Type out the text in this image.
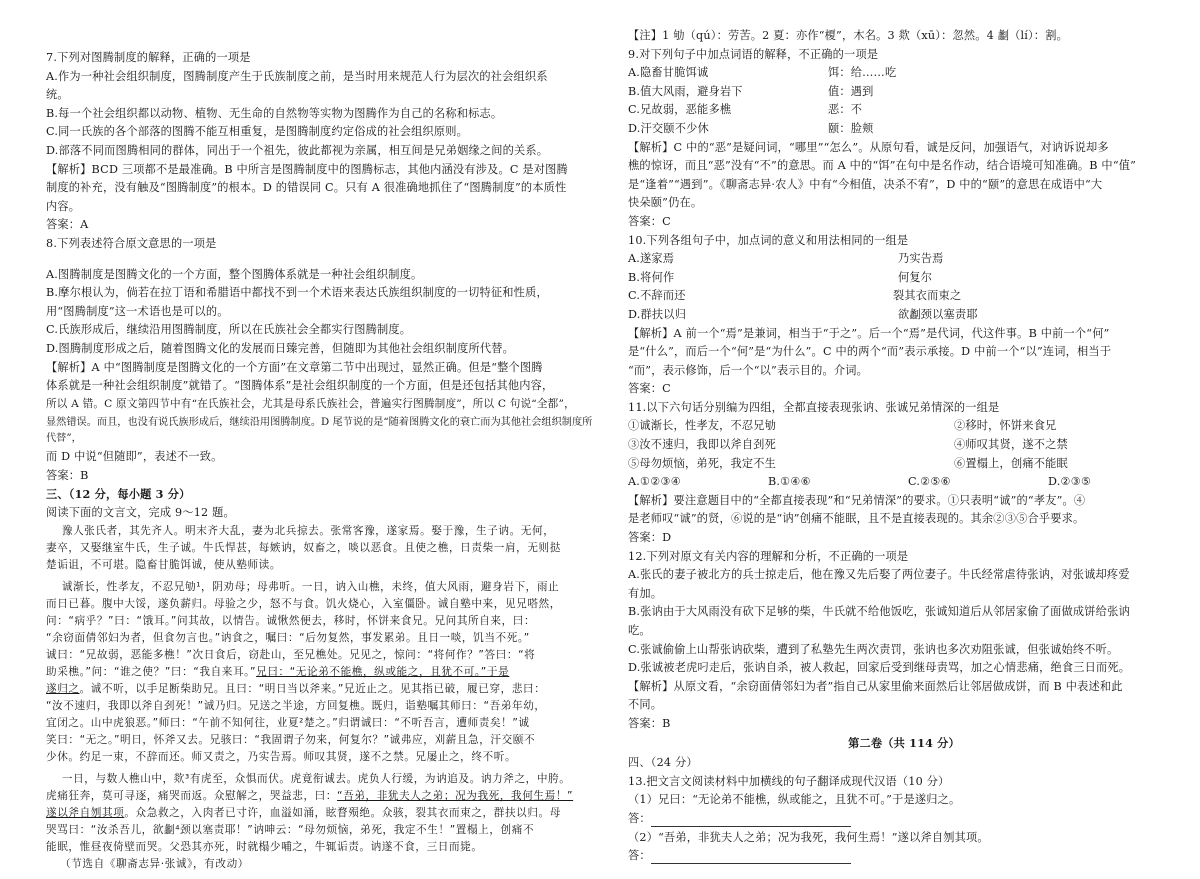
7.下列对图腾制度的解释，正确的一项是

A.作为一种社会组织制度，图腾制度产生于氏族制度之前，是当时用来规范人行为层次的社会组织系

统。

B.每一个社会组织都以动物、植物、无生命的自然物等实物为图腾作为自己的名称和标志。

C.同一氏族的各个部落的图腾不能互相重复，是图腾制度约定俗成的社会组织原则。

D.部落不同而图腾相同的群体，同出于一个祖先，彼此都视为亲属，相互间是兄弟姻缘之间的关系。

【解析】BCD 三项都不是最准确。B 中所言是图腾制度中的图腾标志，其他内涵没有涉及。C 是对图腾

制度的补充，没有触及“图腾制度”的根本。D 的错误同 C。只有 A 很准确地抓住了“图腾制度”的本质性

内容。

答案：A

8.下列表述符合原文意思的一项是

A.图腾制度是图腾文化的一个方面，整个图腾体系就是一种社会组织制度。

B.摩尔根认为，倘若在拉丁语和希腊语中都找不到一个术语来表达氏族组织制度的一切特征和性质，

用“图腾制度”这一术语也是可以的。

C.氏族形成后，继续沿用图腾制度，所以在氏族社会全都实行图腾制度。

D.图腾制度形成之后，随着图腾文化的发展而日臻完善，但随即为其他社会组织制度所代替。

【解析】A 中“图腾制度是图腾文化的一个方面”在文章第二节中出现过，显然正确。但是“整个图腾

体系就是一种社会组织制度”就错了。“图腾体系”是社会组织制度的一个方面，但是还包括其他内容，

所以 A 错。C 原文第四节中有“在氏族社会，尤其是母系氏族社会，普遍实行图腾制度”，所以 C 句说“全都”，

显然错误。而且，也没有说氏族形成后，继续沿用图腾制度。D 尾节说的是“随着图腾文化的衰亡而为其他社会组织制度所代替”，

而 D 中说“但随即”，表述不一致。

答案：B

三、（12 分，每小题 3 分）

阅读下面的文言文，完成 9～12 题。

豫人张氏者，其先齐人。明末齐大乱，妻为北兵掠去。张常客豫，遂家焉。娶于豫，生子讷。无何，

妻卒，又娶继室牛氏，生子诚。牛氏悍甚，每嫉讷，奴畜之，啖以恶食。且使之樵，日责柴一肩，无则挞

楚诟诅，不可堪。隐畜甘脆饵诚，使从塾师读。

诚渐长，性孝友，不忍兄劬¹，阴劝母；母弗听。一日，讷入山樵，未终，值大风雨，避身岩下，雨止

而日已暮。腹中大馁，遂负薪归。母验之少，怒不与食。饥火烧心，入室僵卧。诚自塾中来，见兄嗒然，

问：“病乎？”曰：“饿耳。”问其故，以情告。诚愀然便去，移时，怀饼来食兄。兄问其所自来，曰：

“余窃面倩邻妇为者，但食勿言也。”讷食之，嘱曰：“后勿复然，事发累弟。且日一啖，饥当不死。”

诚曰：“兄故弱，恶能多樵！”次日食后，窃赴山，至兄樵处。兄见之，惊问：“将何作？”答曰：“将

助采樵。”问：“谁之使？”曰：“我自来耳。”兄曰：“无论弟不能樵，纵或能之，且犹不可。”于是

遂归之。诚不听，以手足断柴助兄。且曰：“明日当以斧来。”兄近止之。见其指已破，履已穿，悲曰：

“汝不速归，我即以斧自刭死！”诚乃归。兄送之半途，方回复樵。既归，诣塾嘱其师曰：“吾弟年幼，

宜闭之。山中虎狼恶。”师曰：“午前不知何往，业夏²楚之。”归谓诚曰：“不听吾言，遭师责矣！”诚

笑曰：“无之。”明日，怀斧又去。兄骇曰：“我固谓子勿来，何复尔？”诚弗应，刈薪且急，汗交颐不

少休。约足一束，不辞而还。师又责之，乃实告焉。师叹其贤，遂不之禁。兄屡止之，终不听。

一日，与数人樵山中，欻³有虎至，众惧而伏。虎竟衔诚去。虎负人行缓，为讷追及。讷力斧之，中胯。

虎痛狂奔，莫可寻逐，痛哭而返。众慰解之，哭益悲，曰：“吾弟，非犹夫人之弟；况为我死，我何生焉！”

遂以斧自刎其项。众急救之，入肉者已寸许，血溢如涌，眩瞀殒绝。众骇，裂其衣而束之，群扶以归。母

哭骂曰：“汝杀吾儿，欲劙⁴颈以塞责耶！”讷呻云：“母勿烦恼，弟死，我定不生！”置榻上，创痛不

能眠，惟昼夜倚壁而哭。父恐其亦死，时就榻少哺之，牛辄诟责。讷遂不食，三日而毙。

（节选自《聊斋志异·张诚》，有改动）

【注】1 劬（qú）：劳苦。2 夏：亦作“榎”，木名。3 欻（xū）：忽然。4 劙（lí）：割。

9.对下列句子中加点词语的解释，不正确的一项是

A.隐畜甘脆饵诚	饵：给……吃
B.值大风雨，避身岩下	值：遇到
C.兄故弱，恶能多樵	恶：不
D.汗交颐不少休	颐：脸颊

【解析】C 中的“恶”是疑问词，“哪里”“怎么”。从原句看，诚是反问，加强语气，对讷诉说却多

樵的惊讶，而且“恶”没有“不”的意思。而 A 中的“饵”在句中是名作动，结合语境可知准确。B 中“值”

是“逢着”“遇到”。《聊斋志异·农人》中有“今相值，决杀不宥”，D 中的“颐”的意思在成语中“大

快朵颐”仍在。

答案：C

10.下列各组句子中，加点词的意义和用法相同的一组是

A.遂家焉	乃实告焉
B.将何作	何复尔
C.不辞而还	裂其衣而束之
D.群扶以归	欲劙颈以塞责耶

【解析】A 前一个“焉”是兼词，相当于“于之”。后一个“焉”是代词，代这件事。B 中前一个“何”

是“什么”，而后一个“何”是“为什么”。C 中的两个“而”表示承接。D 中前一个“以”连词，相当于

“而”，表示修饰，后一个“以”表示目的。介词。

答案：C

11.以下六句话分别编为四组，全都直接表现张讷、张诚兄弟情深的一组是

①诚渐长，性孝友，不忍兄劬	②移时，怀饼来食兄
③汝不速归，我即以斧自刭死	④师叹其贤，遂不之禁
⑤母勿烦恼，弟死，我定不生	⑥置榻上，创痛不能眠
A.①②③④	B.①④⑥	C.②⑤⑥	D.②③⑤

【解析】要注意题目中的“全都直接表现”和“兄弟情深”的要求。①只表明“诚”的“孝友”。④

是老师叹“诚”的贤，⑥说的是“讷”创痛不能眠，且不是直接表现的。其余②③⑤合乎要求。

答案：D

12.下列对原文有关内容的理解和分析，不正确的一项是

A.张氏的妻子被北方的兵士掠走后，他在豫又先后娶了两位妻子。牛氏经常虐待张讷，对张诚却疼爱

有加。

B.张讷由于大风雨没有砍下足够的柴，牛氏就不给他饭吃，张诚知道后从邻居家偷了面做成饼给张讷

吃。

C.张诚偷偷上山帮张讷砍柴，遭到了私塾先生两次责罚，张讷也多次劝阻张诚，但张诚始终不听。

D.张诚被老虎叼走后，张讷自杀，被人救起，回家后受到继母责骂，加之心情悲痛，绝食三日而死。

【解析】从原文看，“余窃面倩邻妇为者”指自己从家里偷来面然后让邻居做成饼，而 B 中表述和此

不同。

答案：B

第二卷（共 114 分）

四、（24 分）

13.把文言文阅读材料中加横线的句子翻译成现代汉语（10 分）

（1）兄曰：“无论弟不能樵，纵或能之，且犹不可。”于是遂归之。

答：

（2）“吾弟，非犹夫人之弟；况为我死，我何生焉！”遂以斧自刎其项。

答：
